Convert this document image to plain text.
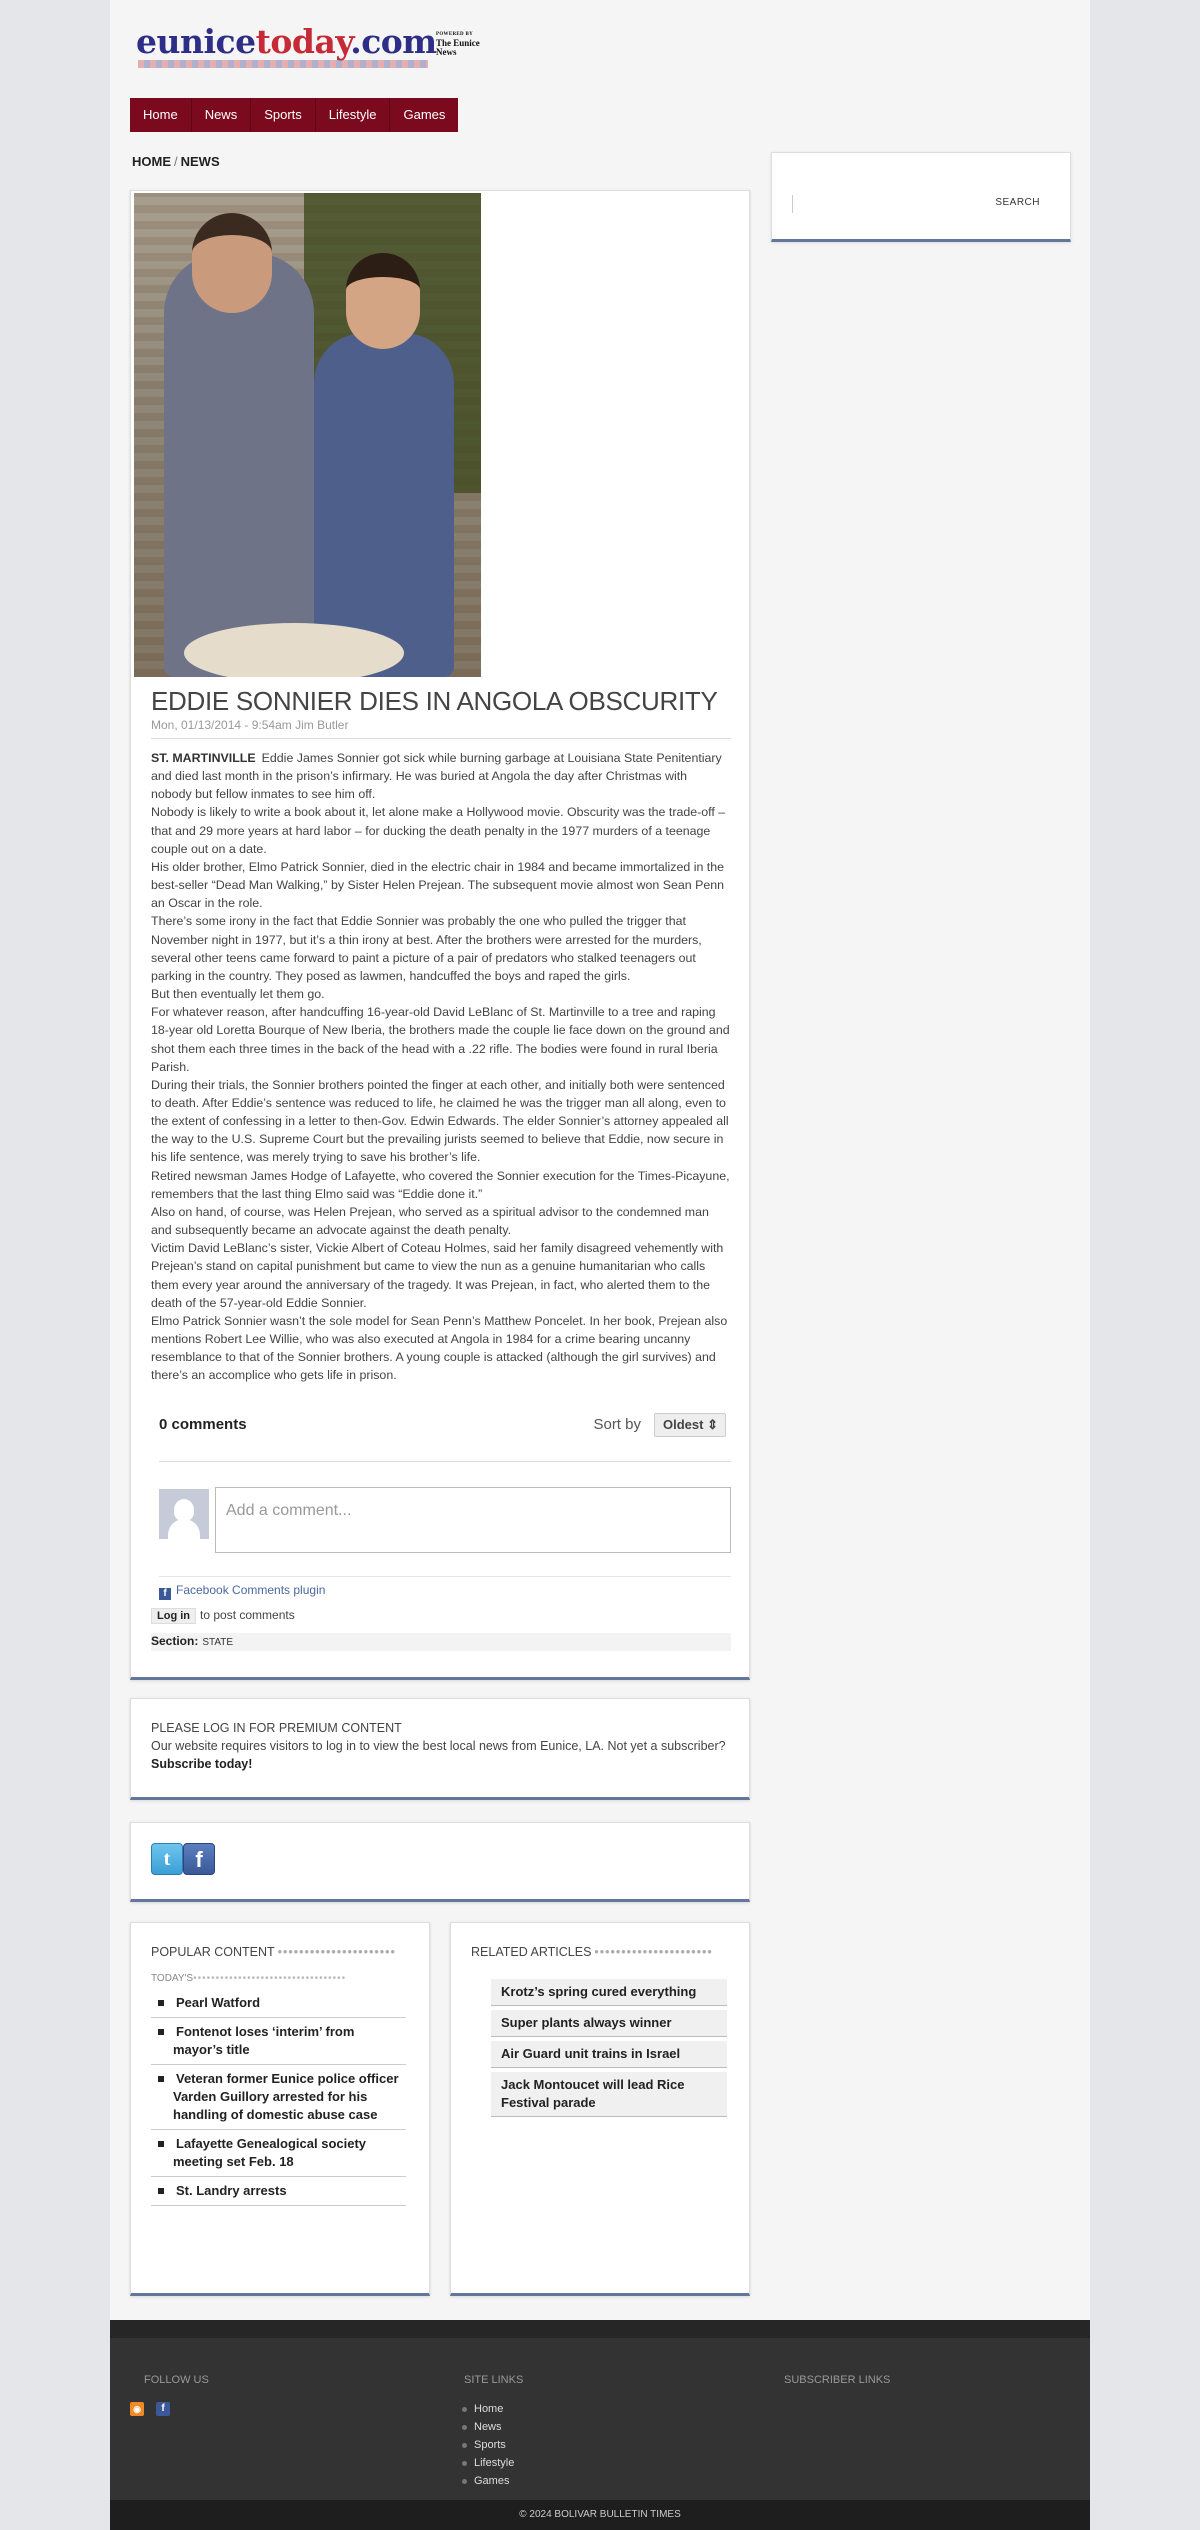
eunicetoday.com POWERED BY
The Eunice News
Home	News	Sports	Lifestyle	Games
HOME / NEWS
SEARCH
EDDIE SONNIER DIES IN ANGOLA OBSCURITY
Mon, 01/13/2014 - 9:54am Jim Butler

ST. MARTINVILLE Eddie James Sonnier got sick while burning garbage at Louisiana State Penitentiary and died last month in the prison’s infirmary. He was buried at Angola the day after Christmas with nobody but fellow inmates to see him off.

Nobody is likely to write a book about it, let alone make a Hollywood movie. Obscurity was the trade-off – that and 29 more years at hard labor – for ducking the death penalty in the 1977 murders of a teenage couple out on a date.

His older brother, Elmo Patrick Sonnier, died in the electric chair in 1984 and became immortalized in the best-seller “Dead Man Walking,” by Sister Helen Prejean. The subsequent movie almost won Sean Penn an Oscar in the role.

There’s some irony in the fact that Eddie Sonnier was probably the one who pulled the trigger that November night in 1977, but it’s a thin irony at best. After the brothers were arrested for the murders, several other teens came forward to paint a picture of a pair of predators who stalked teenagers out parking in the country. They posed as lawmen, handcuffed the boys and raped the girls.

But then eventually let them go.

For whatever reason, after handcuffing 16-year-old David LeBlanc of St. Martinville to a tree and raping 18-year old Loretta Bourque of New Iberia, the brothers made the couple lie face down on the ground and shot them each three times in the back of the head with a .22 rifle. The bodies were found in rural Iberia Parish.

During their trials, the Sonnier brothers pointed the finger at each other, and initially both were sentenced to death. After Eddie’s sentence was reduced to life, he claimed he was the trigger man all along, even to the extent of confessing in a letter to then-Gov. Edwin Edwards. The elder Sonnier’s attorney appealed all the way to the U.S. Supreme Court but the prevailing jurists seemed to believe that Eddie, now secure in his life sentence, was merely trying to save his brother’s life.

Retired newsman James Hodge of Lafayette, who covered the Sonnier execution for the Times-Picayune, remembers that the last thing Elmo said was “Eddie done it.”

Also on hand, of course, was Helen Prejean, who served as a spiritual advisor to the condemned man and subsequently became an advocate against the death penalty.

Victim David LeBlanc’s sister, Vickie Albert of Coteau Holmes, said her family disagreed vehemently with Prejean’s stand on capital punishment but came to view the nun as a genuine humanitarian who calls them every year around the anniversary of the tragedy. It was Prejean, in fact, who alerted them to the death of the 57-year-old Eddie Sonnier.

Elmo Patrick Sonnier wasn’t the sole model for Sean Penn’s Matthew Poncelet. In her book, Prejean also mentions Robert Lee Willie, who was also executed at Angola in 1984 for a crime bearing uncanny resemblance to that of the Sonnier brothers. A young couple is attacked (although the girl survives) and there’s an accomplice who gets life in prison.

0 comments	Sort by	Oldest ⇕
Add a comment...
f Facebook Comments plugin
Log in to post comments
Section: STATE
PLEASE LOG IN FOR PREMIUM CONTENT
Our website requires visitors to log in to view the best local news from Eunice, LA. Not yet a subscriber? Subscribe today!
t	f
POPULAR CONTENT ••••••••••••••••••••••
TODAY'S••••••••••••••••••••••••••••••••••
Pearl Watford
Fontenot loses ‘interim’ from mayor’s title
Veteran former Eunice police officer Varden Guillory arrested for his handling of domestic abuse case
Lafayette Genealogical society meeting set Feb. 18
St. Landry arrests
RELATED ARTICLES ••••••••••••••••••••••
Krotz’s spring cured everything
Super plants always winner
Air Guard unit trains in Israel
Jack Montoucet will lead Rice Festival parade
FOLLOW US
◉	f
SITE LINKS
Home
News
Sports
Lifestyle
Games
SUBSCRIBER LINKS
© 2024 BOLIVAR BULLETIN TIMES
